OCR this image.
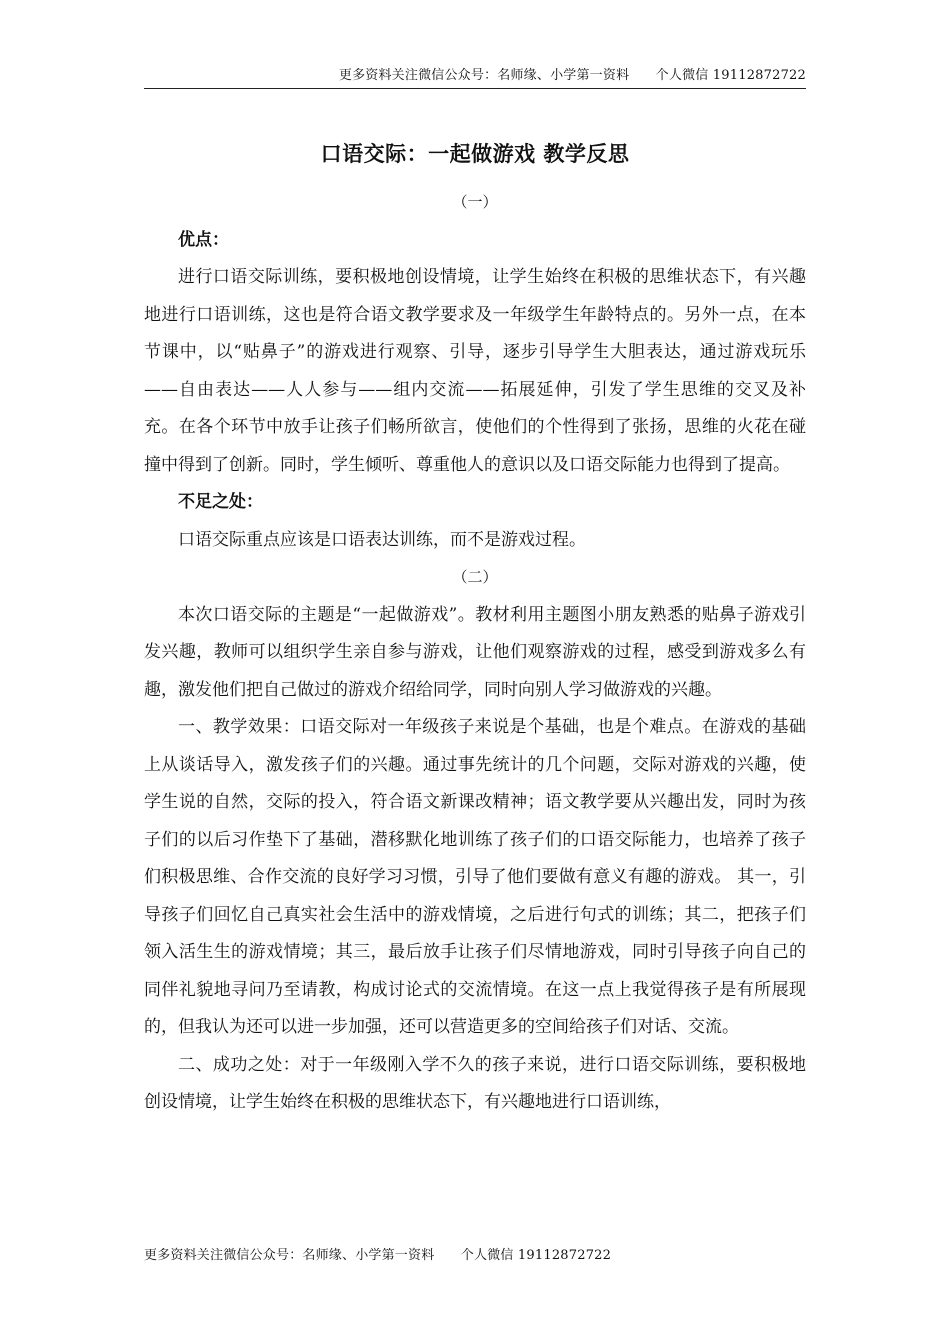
更多资料关注微信公众号：名师缘、小学第一资料　　个人微信 19112872722
口语交际：一起做游戏 教学反思

（一）

优点：

进行口语交际训练，要积极地创设情境，让学生始终在积极的思维状态下，有兴趣地进行口语训练，这也是符合语文教学要求及一年级学生年龄特点的。另外一点，在本节课中，以“贴鼻子”的游戏进行观察、引导，逐步引导学生大胆表达，通过游戏玩乐——自由表达——人人参与——组内交流——拓展延伸，引发了学生思维的交叉及补充。在各个环节中放手让孩子们畅所欲言，使他们的个性得到了张扬，思维的火花在碰撞中得到了创新。同时，学生倾听、尊重他人的意识以及口语交际能力也得到了提高。

不足之处：

口语交际重点应该是口语表达训练，而不是游戏过程。

（二）

本次口语交际的主题是“一起做游戏”。教材利用主题图小朋友熟悉的贴鼻子游戏引发兴趣，教师可以组织学生亲自参与游戏，让他们观察游戏的过程，感受到游戏多么有趣，激发他们把自己做过的游戏介绍给同学，同时向别人学习做游戏的兴趣。

一、教学效果：口语交际对一年级孩子来说是个基础，也是个难点。在游戏的基础上从谈话导入，激发孩子们的兴趣。通过事先统计的几个问题，交际对游戏的兴趣，使学生说的自然，交际的投入，符合语文新课改精神；语文教学要从兴趣出发，同时为孩子们的以后习作垫下了基础，潜移默化地训练了孩子们的口语交际能力，也培养了孩子们积极思维、合作交流的良好学习习惯，引导了他们要做有意义有趣的游戏。 其一，引导孩子们回忆自己真实社会生活中的游戏情境，之后进行句式的训练；其二，把孩子们领入活生生的游戏情境；其三，最后放手让孩子们尽情地游戏，同时引导孩子向自己的同伴礼貌地寻问乃至请教，构成讨论式的交流情境。在这一点上我觉得孩子是有所展现的，但我认为还可以进一步加强，还可以营造更多的空间给孩子们对话、交流。

二、成功之处：对于一年级刚入学不久的孩子来说，进行口语交际训练，要积极地创设情境，让学生始终在积极的思维状态下，有兴趣地进行口语训练，

更多资料关注微信公众号：名师缘、小学第一资料　　个人微信 19112872722
